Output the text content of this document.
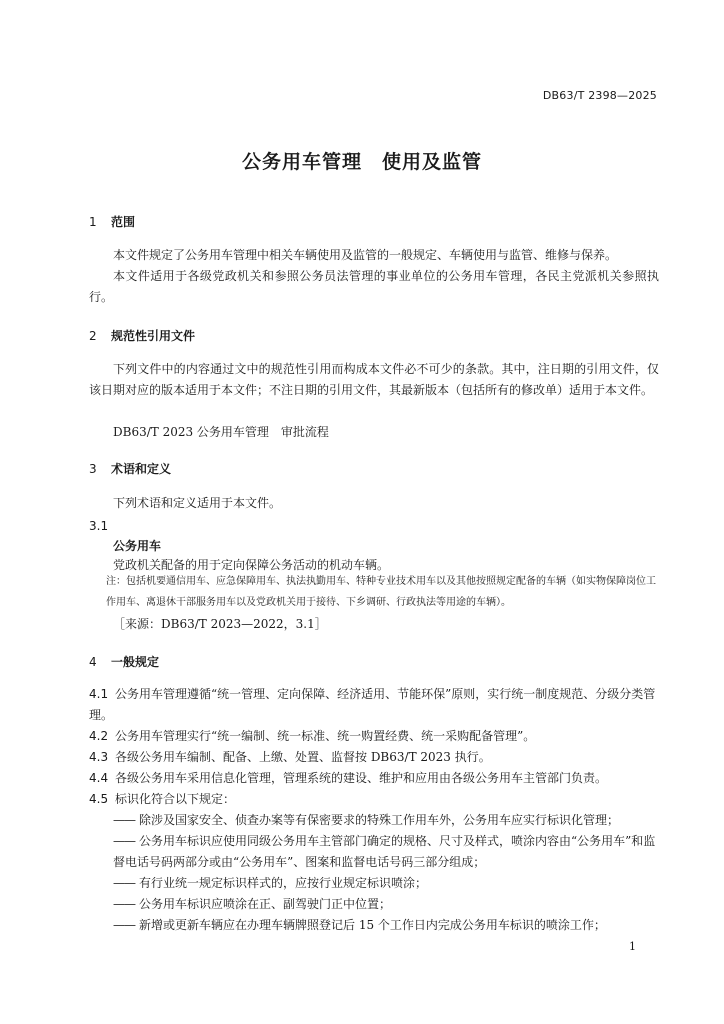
DB63/T 2398—2025
公务用车管理　使用及监管
1 范围
本文件规定了公务用车管理中相关车辆使用及监管的一般规定、车辆使用与监管、维修与保养。
本文件适用于各级党政机关和参照公务员法管理的事业单位的公务用车管理，各民主党派机关参照执行。
2 规范性引用文件
下列文件中的内容通过文中的规范性引用而构成本文件必不可少的条款。其中，注日期的引用文件，仅该日期对应的版本适用于本文件；不注日期的引用文件，其最新版本（包括所有的修改单）适用于本文件。
DB63/T 2023 公务用车管理　审批流程
3 术语和定义
下列术语和定义适用于本文件。
3.1
公务用车
党政机关配备的用于定向保障公务活动的机动车辆。
注：包括机要通信用车、应急保障用车、执法执勤用车、特种专业技术用车以及其他按照规定配备的车辆（如实物保障岗位工作用车、离退休干部服务用车以及党政机关用于接待、下乡调研、行政执法等用途的车辆）。
［来源：DB63/T 2023—2022，3.1］
4 一般规定
4.1 公务用车管理遵循“统一管理、定向保障、经济适用、节能环保”原则，实行统一制度规范、分级分类管理。
4.2 公务用车管理实行“统一编制、统一标准、统一购置经费、统一采购配备管理”。
4.3 各级公务用车编制、配备、上缴、处置、监督按 DB63/T 2023 执行。
4.4 各级公务用车采用信息化管理，管理系统的建设、维护和应用由各级公务用车主管部门负责。
4.5 标识化符合以下规定：
—— 除涉及国家安全、侦查办案等有保密要求的特殊工作用车外，公务用车应实行标识化管理；
—— 公务用车标识应使用同级公务用车主管部门确定的规格、尺寸及样式，喷涂内容由“公务用车”和监督电话号码两部分或由“公务用车”、图案和监督电话号码三部分组成；
—— 有行业统一规定标识样式的，应按行业规定标识喷涂；
—— 公务用车标识应喷涂在正、副驾驶门正中位置；
—— 新增或更新车辆应在办理车辆牌照登记后 15 个工作日内完成公务用车标识的喷涂工作；
1
